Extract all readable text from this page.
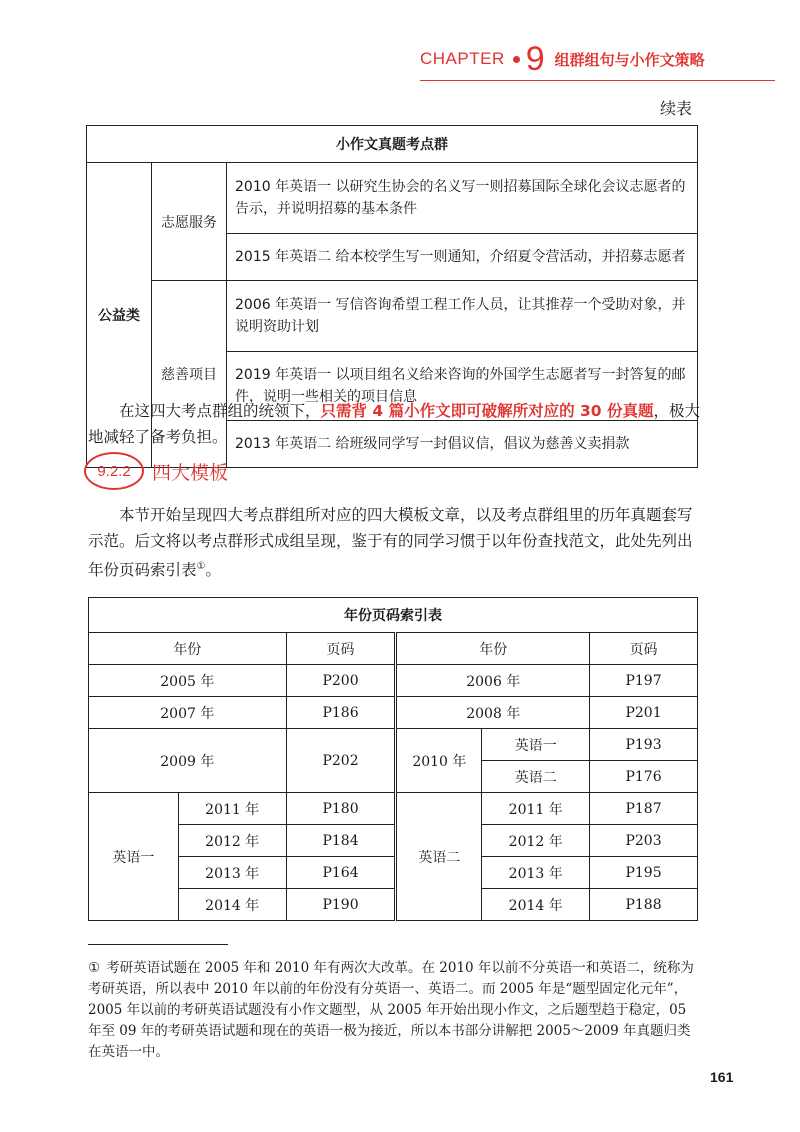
CHAPTER 9 组群组句与小作文策略
续表
小作文真题考点群		
公益类	志愿服务	2010 年英语一 以研究生协会的名义写一则招募国际全球化会议志愿者的告示，并说明招募的基本条件
		2015 年英语二 给本校学生写一则通知，介绍夏令营活动，并招募志愿者
	慈善项目	2006 年英语一 写信咨询希望工程工作人员，让其推荐一个受助对象，并说明资助计划
		2019 年英语一 以项目组名义给来咨询的外国学生志愿者写一封答复的邮件，说明一些相关的项目信息
		2013 年英语二 给班级同学写一封倡议信，倡议为慈善义卖捐款
在这四大考点群组的统领下，只需背 4 篇小作文即可破解所对应的 30 份真题，极大地减轻了备考负担。
9.2.2	四大模板
本节开始呈现四大考点群组所对应的四大模板文章，以及考点群组里的历年真题套写示范。后文将以考点群形式成组呈现，鉴于有的同学习惯于以年份查找范文，此处先列出年份页码索引表①。
年份页码索引表					
年份		页码	年份		页码
2005 年		P200	2006 年		P197
2007 年		P186	2008 年		P201
2009 年		P202	2010 年	英语一	P193
				英语二	P176
英语一	2011 年	P180	英语二	2011 年	P187
	2012 年	P184		2012 年	P203
	2013 年	P164		2013 年	P195
	2014 年	P190		2014 年	P188
① 考研英语试题在 2005 年和 2010 年有两次大改革。在 2010 年以前不分英语一和英语二，统称为考研英语，所以表中 2010 年以前的年份没有分英语一、英语二。而 2005 年是“题型固定化元年”，2005 年以前的考研英语试题没有小作文题型，从 2005 年开始出现小作文，之后题型趋于稳定，05 年至 09 年的考研英语试题和现在的英语一极为接近，所以本书部分讲解把 2005～2009 年真题归类在英语一中。
161
